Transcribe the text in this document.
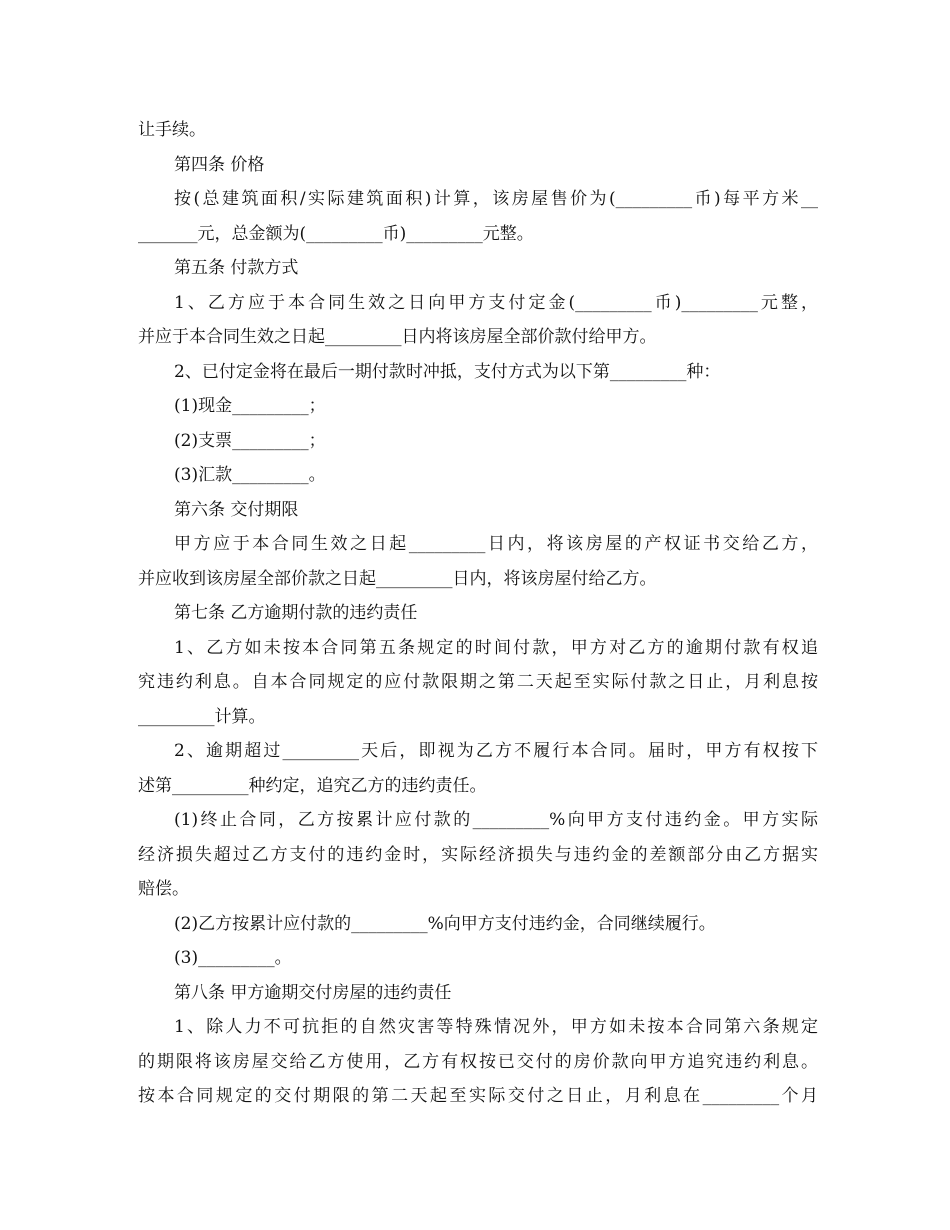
让手续。
第四条 价格
按(总建筑面积/实际建筑面积)计算，该房屋售价为(_________币)每平方米__
_______元，总金额为(_________币)_________元整。
第五条 付款方式
1、乙方应于本合同生效之日向甲方支付定金(_________币)_________元整，
并应于本合同生效之日起_________日内将该房屋全部价款付给甲方。
2、已付定金将在最后一期付款时冲抵，支付方式为以下第_________种：
(1)现金_________；
(2)支票_________；
(3)汇款_________。
第六条 交付期限
甲方应于本合同生效之日起_________日内，将该房屋的产权证书交给乙方，
并应收到该房屋全部价款之日起_________日内，将该房屋付给乙方。
第七条 乙方逾期付款的违约责任
1、乙方如未按本合同第五条规定的时间付款，甲方对乙方的逾期付款有权追
究违约利息。自本合同规定的应付款限期之第二天起至实际付款之日止，月利息按
_________计算。
2、逾期超过_________天后，即视为乙方不履行本合同。届时，甲方有权按下
述第_________种约定，追究乙方的违约责任。
(1)终止合同，乙方按累计应付款的_________%向甲方支付违约金。甲方实际
经济损失超过乙方支付的违约金时，实际经济损失与违约金的差额部分由乙方据实
赔偿。
(2)乙方按累计应付款的_________%向甲方支付违约金，合同继续履行。
(3)_________。
第八条 甲方逾期交付房屋的违约责任
1、除人力不可抗拒的自然灾害等特殊情况外，甲方如未按本合同第六条规定
的期限将该房屋交给乙方使用，乙方有权按已交付的房价款向甲方追究违约利息。
按本合同规定的交付期限的第二天起至实际交付之日止，月利息在_________个月
